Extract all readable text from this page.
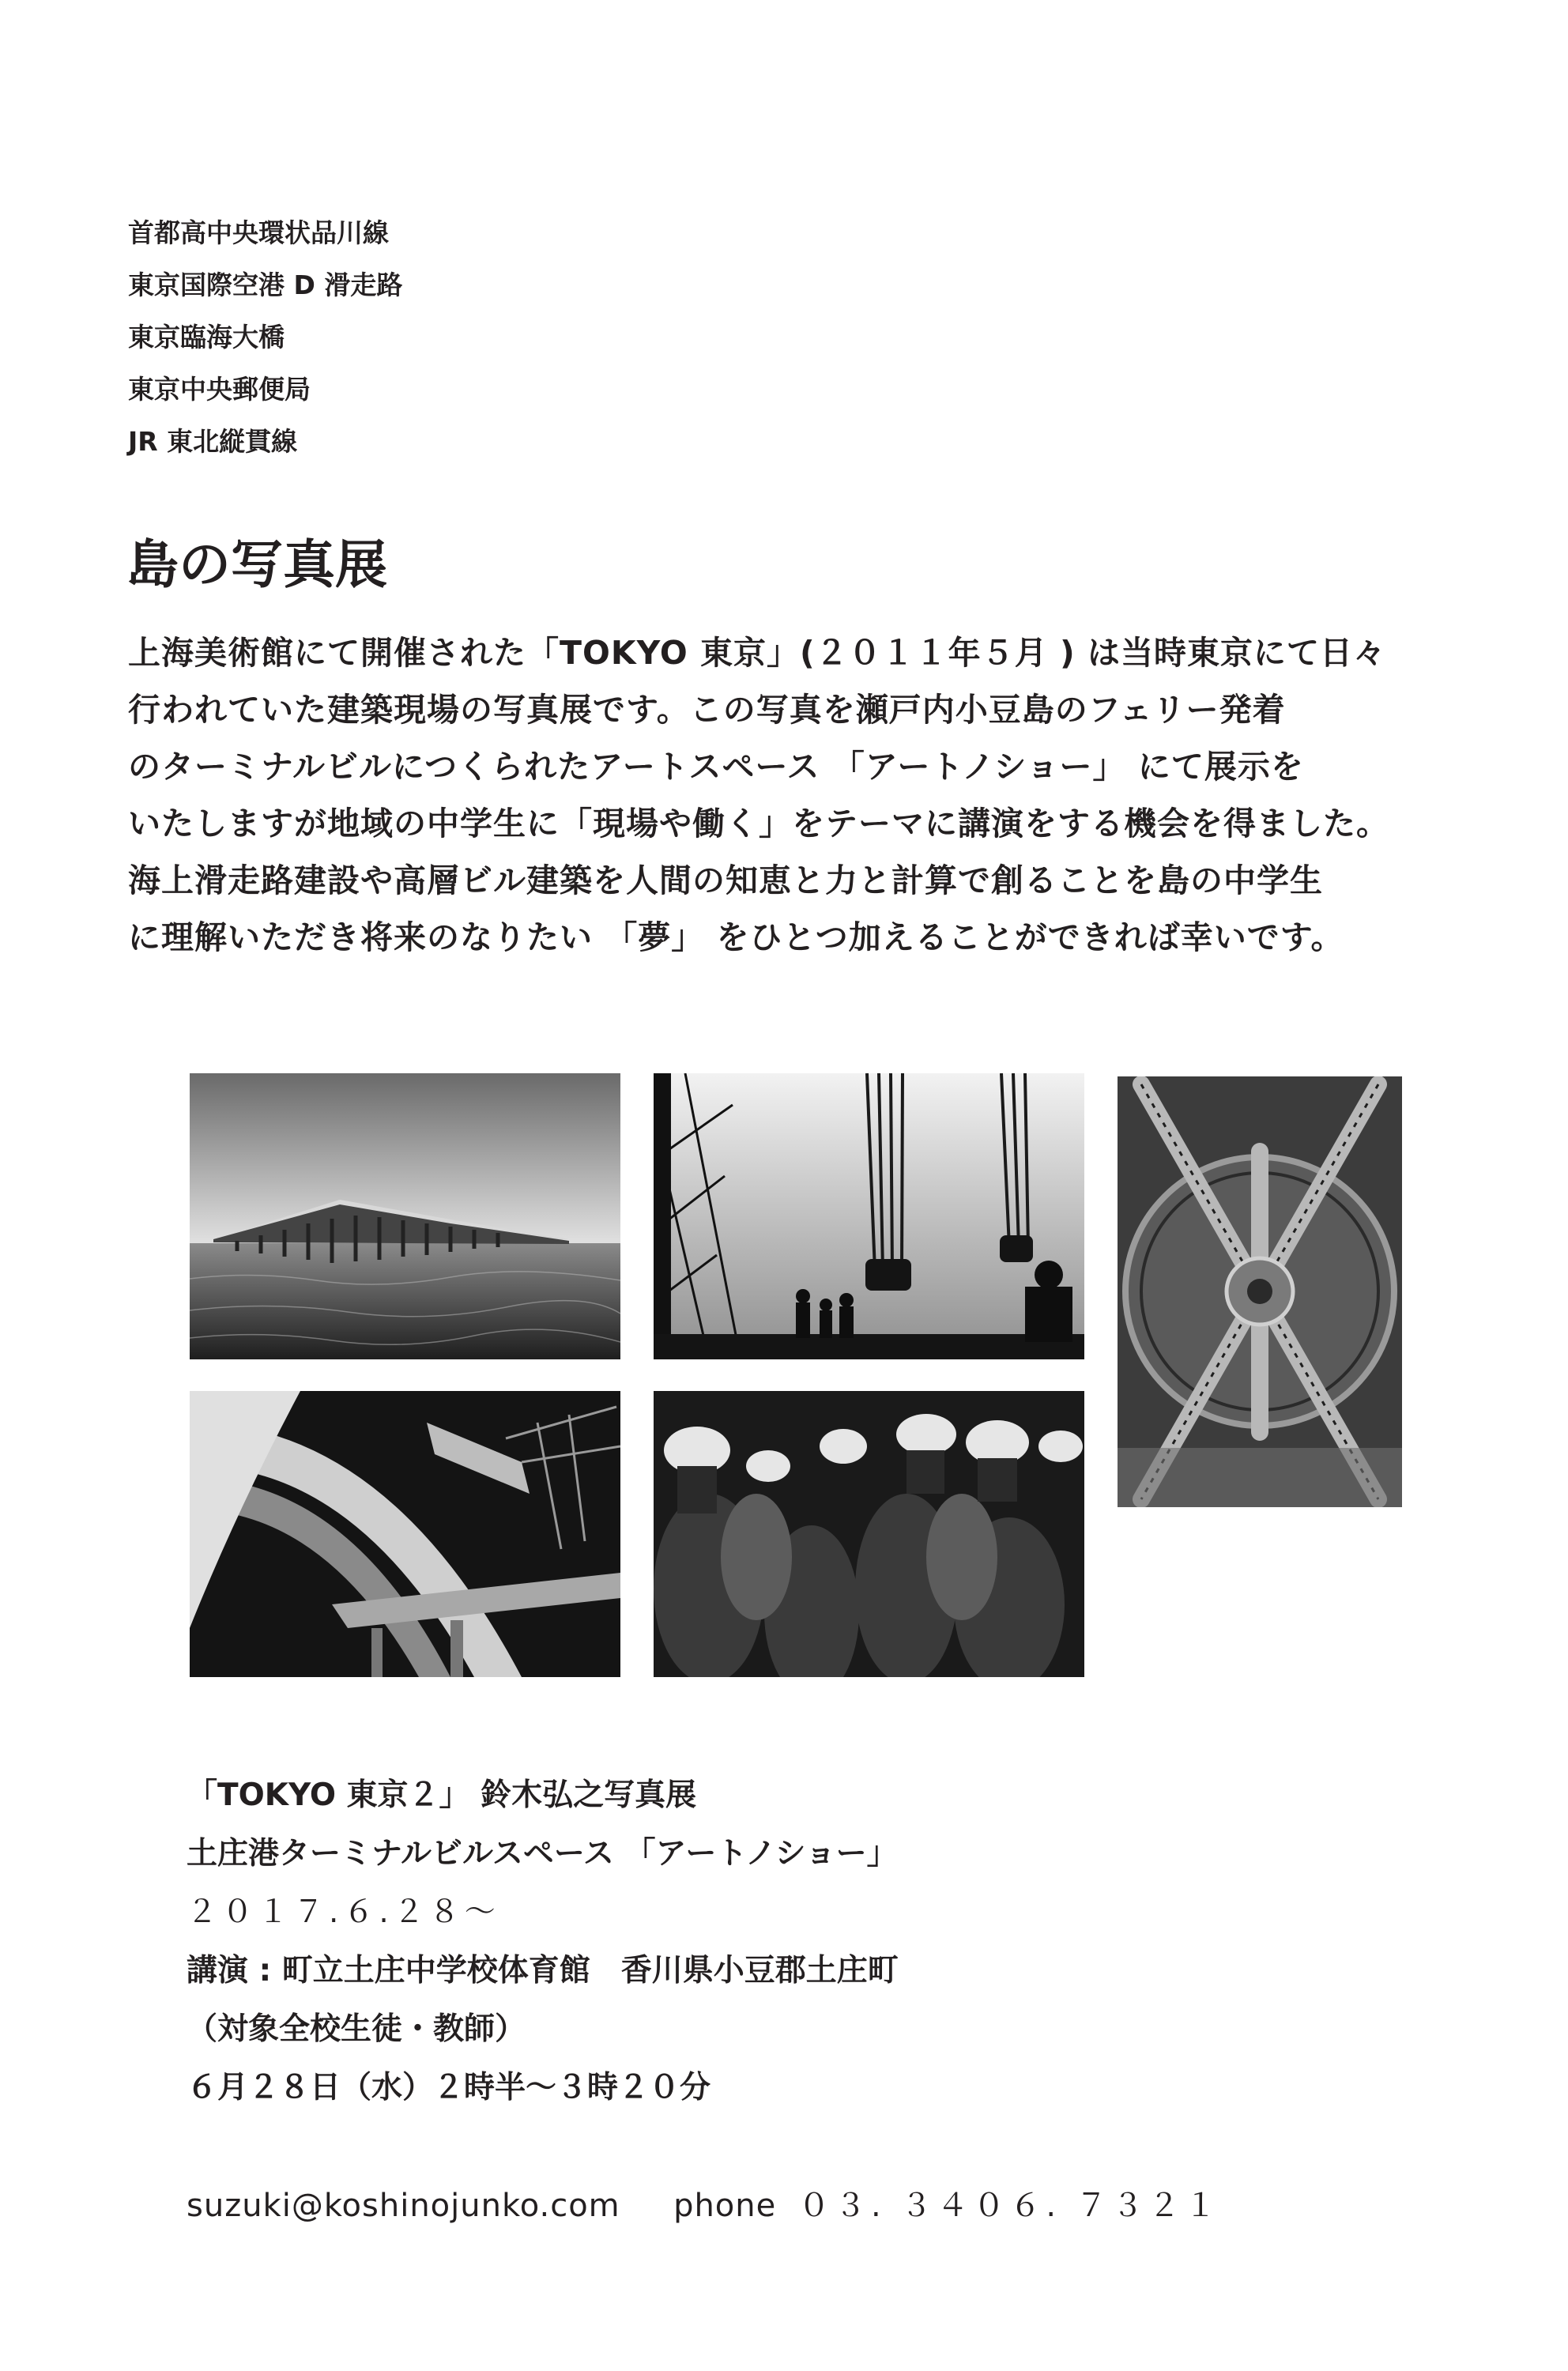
首都高中央環状品川線
東京国際空港 D 滑走路
東京臨海大橋
東京中央郵便局
JR 東北縦貫線
島の写真展
上海美術館にて開催された「TOKYO 東京」(２０１１年５月 ) は当時東京にて日々
行われていた建築現場の写真展です。この写真を瀬戸内小豆島のフェリー発着
のターミナルビルにつくられたアートスペース 「アートノショー」 にて展示を
いたしますが地域の中学生に「現場や働く」をテーマに講演をする機会を得ました。
海上滑走路建設や高層ビル建築を人間の知恵と力と計算で創ることを島の中学生
に理解いただき将来のなりたい 「夢」 をひとつ加えることができれば幸いです。
「TOKYO 東京２」 鈴木弘之写真展
土庄港ターミナルビルスペース 「アートノショー」
２０１７.６.２８～
講演 : 町立土庄中学校体育館　香川県小豆郡土庄町
（対象全校生徒・教師）
６月２８日（水）２時半～３時２０分
suzuki@koshinojunko.com phone ０３. ３４０６. ７３２１
